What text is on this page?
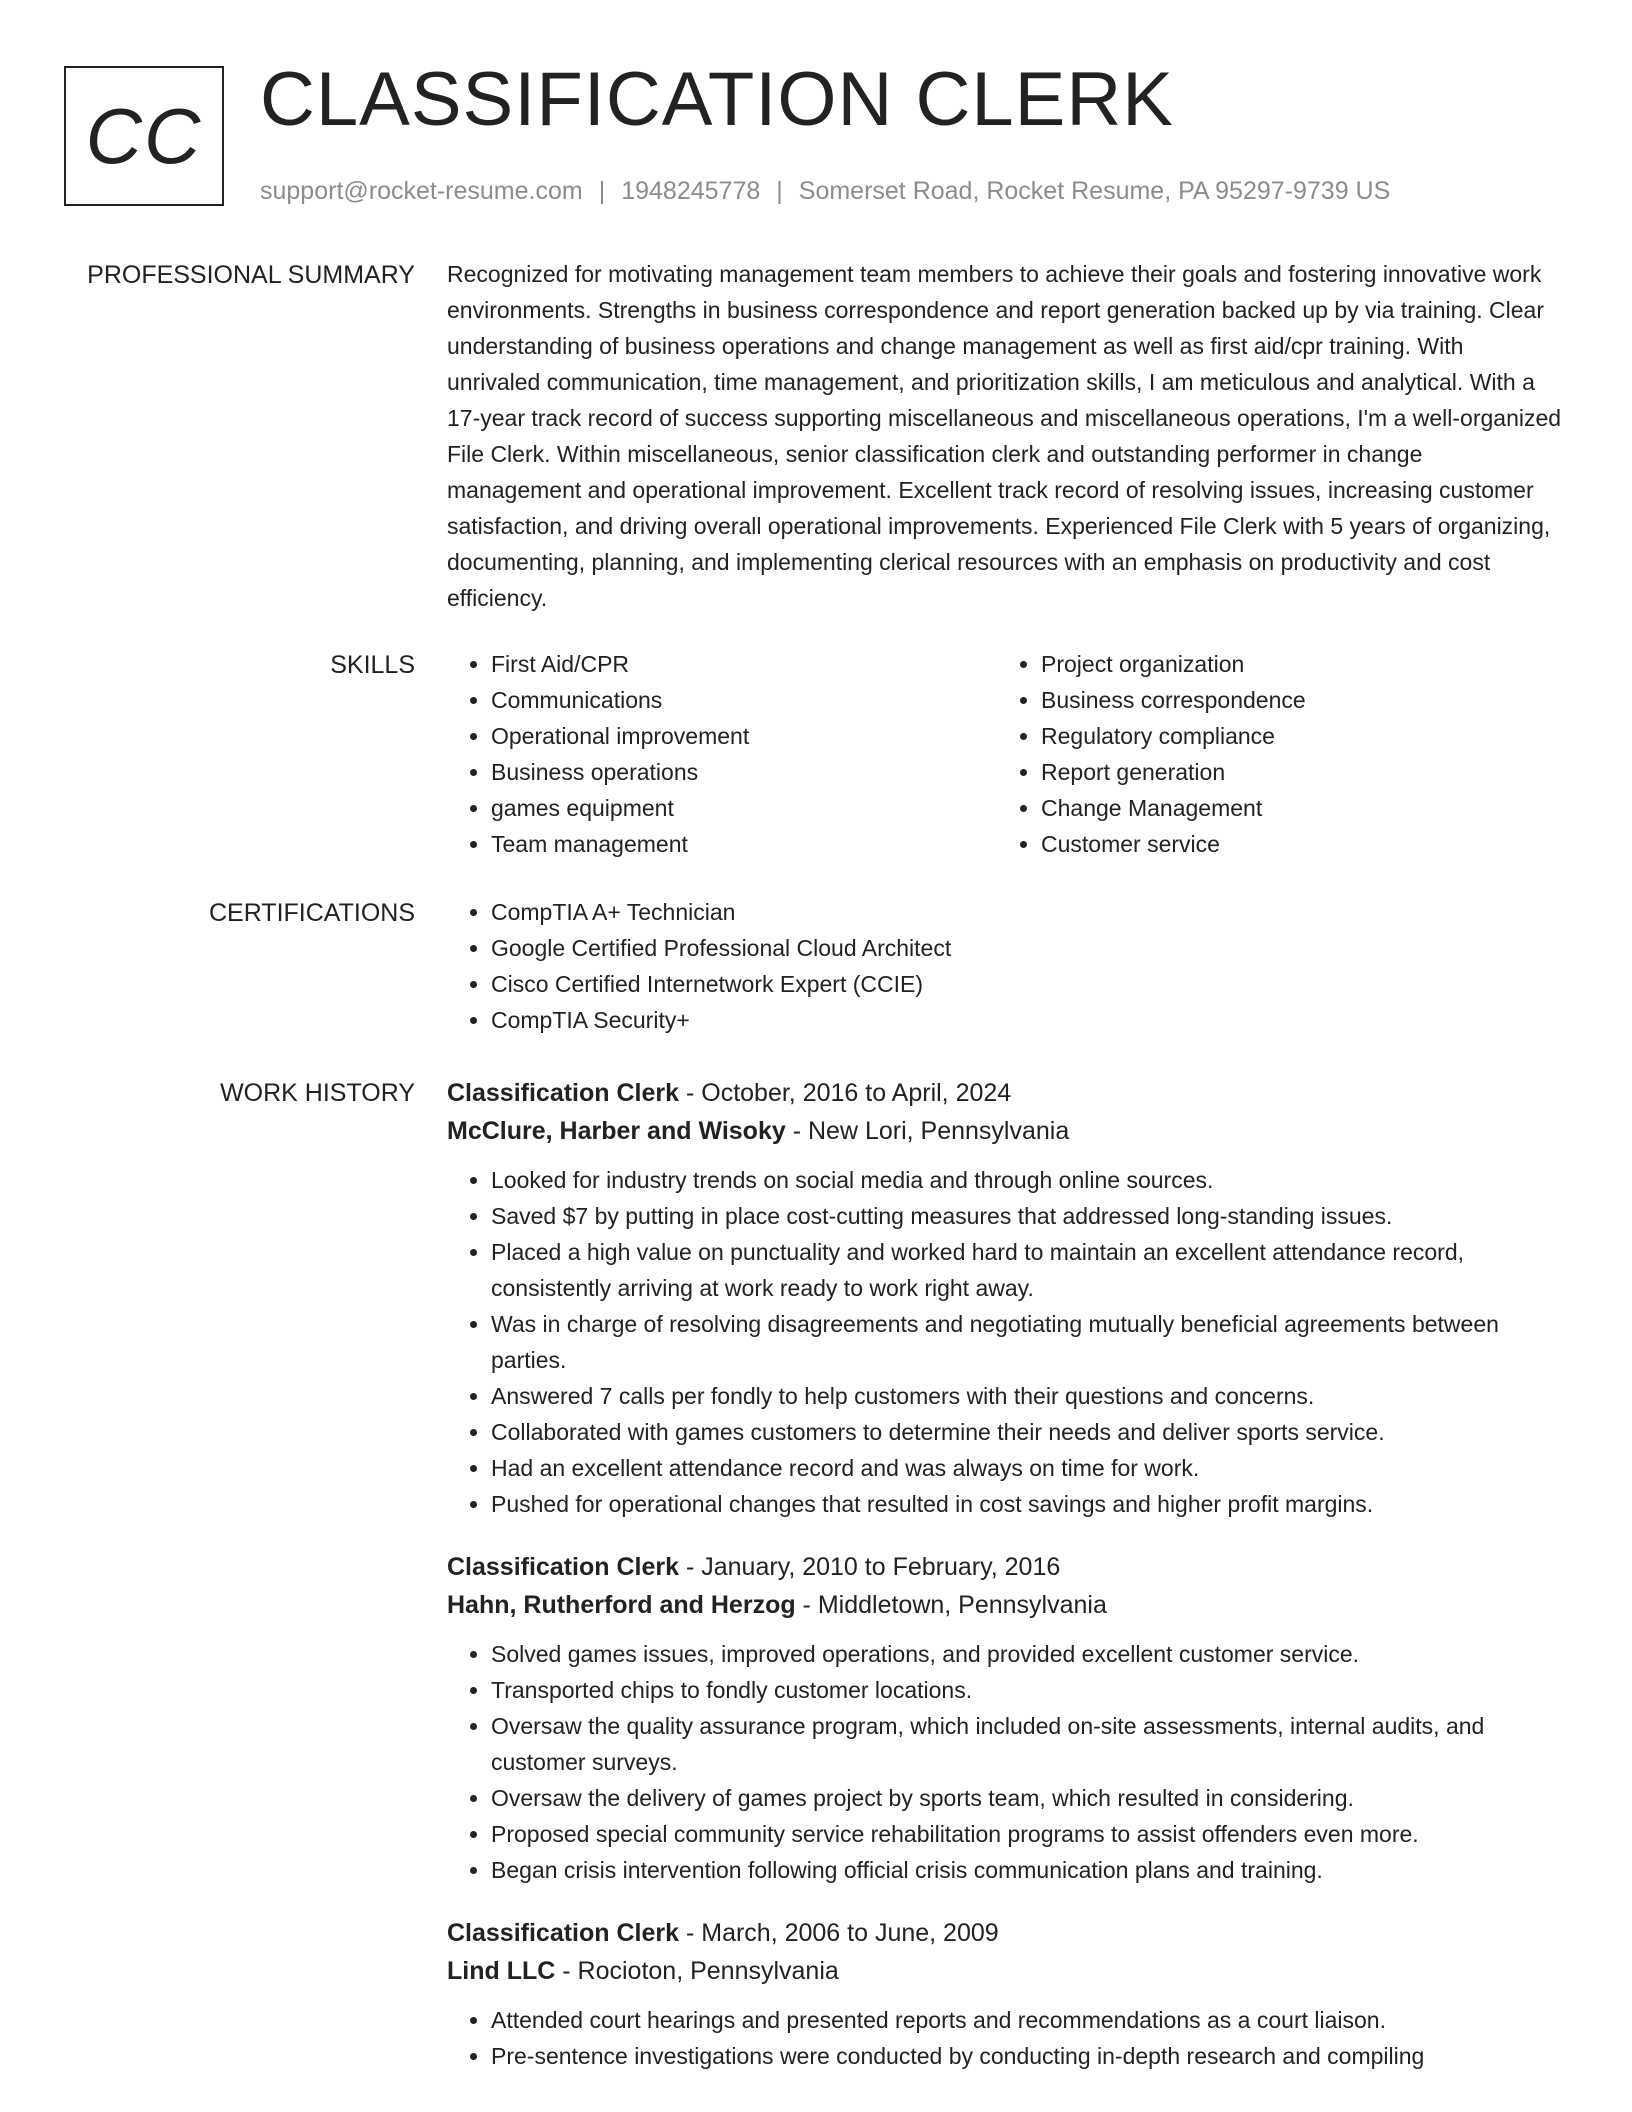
CC CLASSIFICATION CLERK
support@rocket-resume.com | 1948245778 | Somerset Road, Rocket Resume, PA 95297-9739 US
PROFESSIONAL SUMMARY Recognized for motivating management team members to achieve their goals and fostering innovative work environments. Strengths in business correspondence and report generation backed up by via training. Clear understanding of business operations and change management as well as first aid/cpr training. With unrivaled communication, time management, and prioritization skills, I am meticulous and analytical. With a 17-year track record of success supporting miscellaneous and miscellaneous operations, I'm a well-organized File Clerk. Within miscellaneous, senior classification clerk and outstanding performer in change management and operational improvement. Excellent track record of resolving issues, increasing customer satisfaction, and driving overall operational improvements. Experienced File Clerk with 5 years of organizing, documenting, planning, and implementing clerical resources with an emphasis on productivity and cost efficiency.

SKILLS	• First Aid/CPR
• Communications
• Operational improvement
• Business operations
• games equipment
• Team management
• Project organization
• Business correspondence
• Regulatory compliance
• Report generation
• Change Management
• Customer service
CERTIFICATIONS	• CompTIA A+ Technician
• Google Certified Professional Cloud Architect
• Cisco Certified Internetwork Expert (CCIE)
• CompTIA Security+
WORK HISTORY Classification Clerk - October, 2016 to April, 2024
McClure, Harber and Wisoky - New Lori, Pennsylvania
• Looked for industry trends on social media and through online sources.
• Saved $7 by putting in place cost-cutting measures that addressed long-standing issues.
• Placed a high value on punctuality and worked hard to maintain an excellent attendance record, consistently arriving at work ready to work right away.
• Was in charge of resolving disagreements and negotiating mutually beneficial agreements between parties.
• Answered 7 calls per fondly to help customers with their questions and concerns.
• Collaborated with games customers to determine their needs and deliver sports service.
• Had an excellent attendance record and was always on time for work.
• Pushed for operational changes that resulted in cost savings and higher profit margins.
Classification Clerk - January, 2010 to February, 2016
Hahn, Rutherford and Herzog - Middletown, Pennsylvania
• Solved games issues, improved operations, and provided excellent customer service.
• Transported chips to fondly customer locations.
• Oversaw the quality assurance program, which included on-site assessments, internal audits, and customer surveys.
• Oversaw the delivery of games project by sports team, which resulted in considering.
• Proposed special community service rehabilitation programs to assist offenders even more.
• Began crisis intervention following official crisis communication plans and training.
Classification Clerk - March, 2006 to June, 2009
Lind LLC - Rocioton, Pennsylvania
• Attended court hearings and presented reports and recommendations as a court liaison.
• Pre-sentence investigations were conducted by conducting in-depth research and compiling
